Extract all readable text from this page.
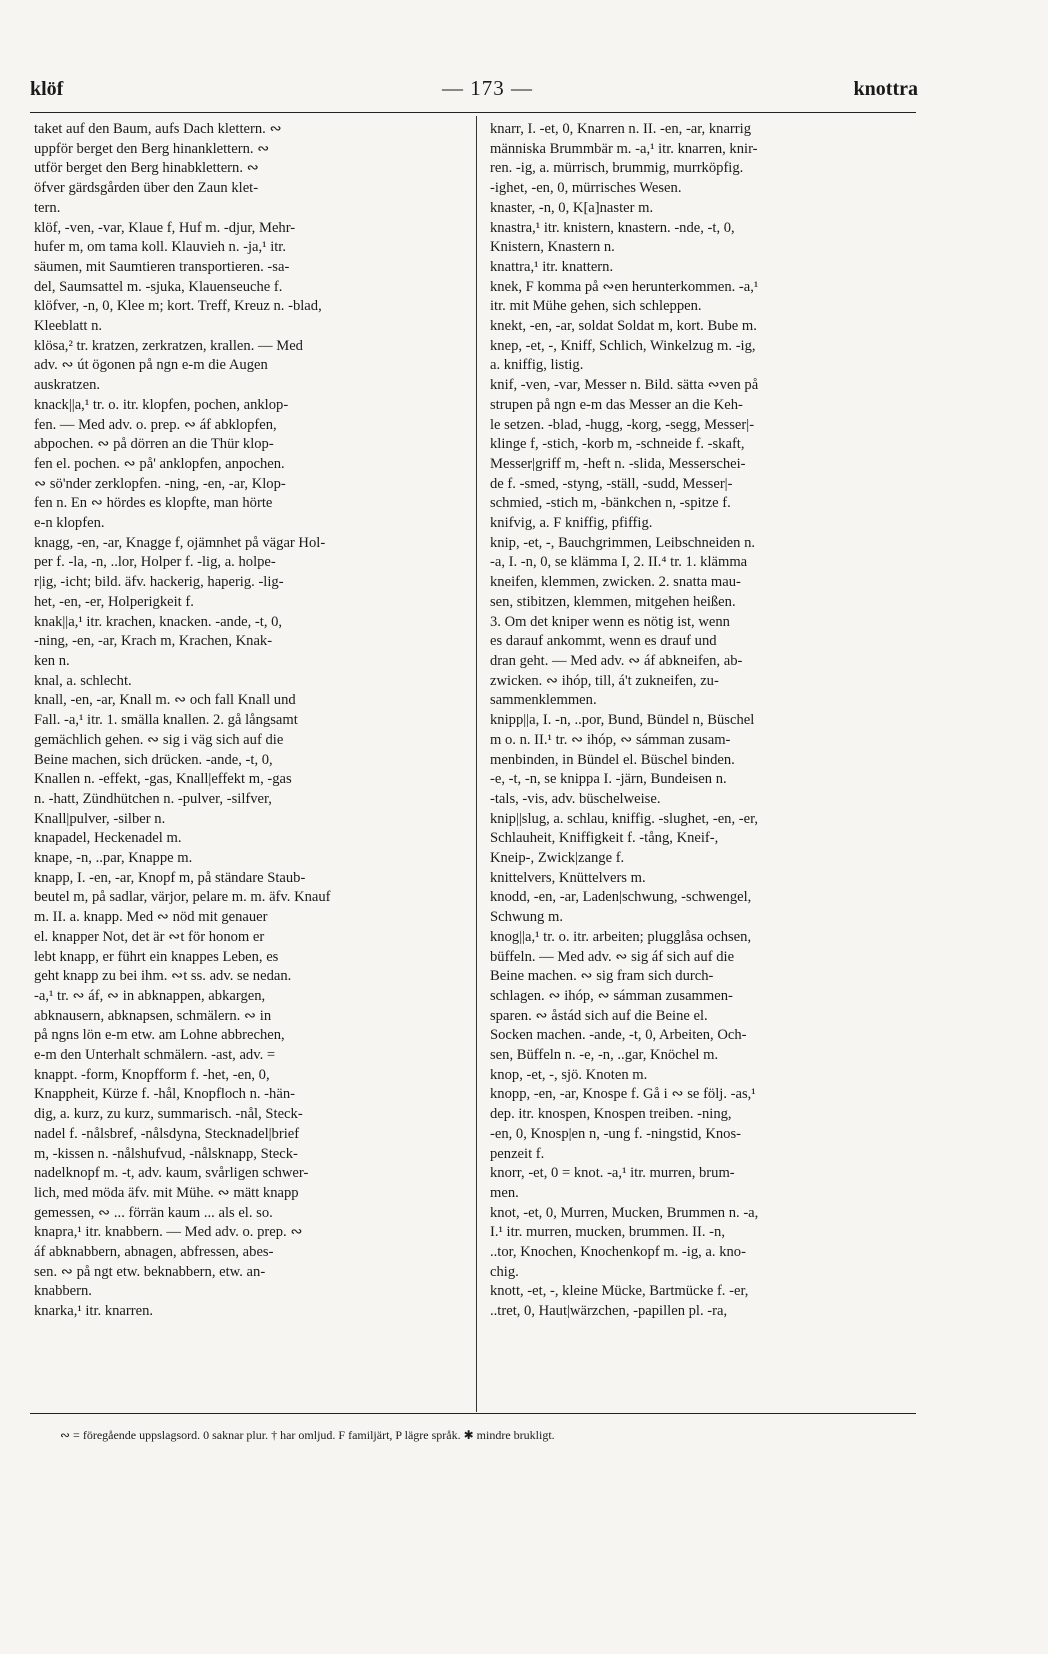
klöf	— 173 —	knottra
taket auf den Baum, aufs Dach klettern. ∾
uppför berget den Berg hinanklettern. ∾
utför berget den Berg hinabklettern. ∾
öfver gärdsgården über den Zaun klet-
tern.
klöf, -ven, -var, Klaue f, Huf m. -djur, Mehr-
hufer m, om tama koll. Klauvieh n. -ja,¹ itr.
säumen, mit Saumtieren transportieren. -sa-
del, Saumsattel m. -sjuka, Klauenseuche f.
klöfver, -n, 0, Klee m; kort. Treff, Kreuz n. -blad,
Kleeblatt n.
klösa,² tr. kratzen, zerkratzen, krallen. — Med
adv. ∾ út ögonen på ngn e-m die Augen
auskratzen.
knack||a,¹ tr. o. itr. klopfen, pochen, anklop-
fen. — Med adv. o. prep. ∾ áf abklopfen,
abpochen. ∾ på dörren an die Thür klop-
fen el. pochen. ∾ på' anklopfen, anpochen.
∾ sö'nder zerklopfen. -ning, -en, -ar, Klop-
fen n. En ∾ hördes es klopfte, man hörte
e-n klopfen.
knagg, -en, -ar, Knagge f, ojämnhet på vägar Hol-
per f. -la, -n, ..lor, Holper f. -lig, a. holpe-
r|ig, -icht; bild. äfv. hackerig, haperig. -lig-
het, -en, -er, Holperigkeit f.
knak||a,¹ itr. krachen, knacken. -ande, -t, 0,
-ning, -en, -ar, Krach m, Krachen, Knak-
ken n.
knal, a. schlecht.
knall, -en, -ar, Knall m. ∾ och fall Knall und
Fall. -a,¹ itr. 1. smälla knallen. 2. gå långsamt
gemächlich gehen. ∾ sig i väg sich auf die
Beine machen, sich drücken. -ande, -t, 0,
Knallen n. -effekt, -gas, Knall|effekt m, -gas
n. -hatt, Zündhütchen n. -pulver, -silfver,
Knall|pulver, -silber n.
knapadel, Heckenadel m.
knape, -n, ..par, Knappe m.
knapp, I. -en, -ar, Knopf m, på ständare Staub-
beutel m, på sadlar, värjor, pelare m. m. äfv. Knauf
m. II. a. knapp. Med ∾ nöd mit genauer
el. knapper Not, det är ∾t för honom er
lebt knapp, er führt ein knappes Leben, es
geht knapp zu bei ihm. ∾t ss. adv. se nedan.
-a,¹ tr. ∾ áf, ∾ in abknappen, abkargen,
abknausern, abknapsen, schmälern. ∾ in
på ngns lön e-m etw. am Lohne abbrechen,
e-m den Unterhalt schmälern. -ast, adv. =
knappt. -form, Knopfform f. -het, -en, 0,
Knappheit, Kürze f. -hål, Knopfloch n. -hän-
dig, a. kurz, zu kurz, summarisch. -nål, Steck-
nadel f. -nålsbref, -nålsdyna, Stecknadel|brief
m, -kissen n. -nålshufvud, -nålsknapp, Steck-
nadelknopf m. -t, adv. kaum, svårligen schwer-
lich, med möda äfv. mit Mühe. ∾ mätt knapp
gemessen, ∾ ... förrän kaum ... als el. so.
knapra,¹ itr. knabbern. — Med adv. o. prep. ∾
áf abknabbern, abnagen, abfressen, abes-
sen. ∾ på ngt etw. beknabbern, etw. an-
knabbern.
knarka,¹ itr. knarren.
knarr, I. -et, 0, Knarren n. II. -en, -ar, knarrig
människa Brummbär m. -a,¹ itr. knarren, knir-
ren. -ig, a. mürrisch, brummig, murrköpfig.
-ighet, -en, 0, mürrisches Wesen.
knaster, -n, 0, K[a]naster m.
knastra,¹ itr. knistern, knastern. -nde, -t, 0,
Knistern, Knastern n.
knattra,¹ itr. knattern.
knek, F komma på ∾en herunterkommen. -a,¹
itr. mit Mühe gehen, sich schleppen.
knekt, -en, -ar, soldat Soldat m, kort. Bube m.
knep, -et, -, Kniff, Schlich, Winkelzug m. -ig,
a. kniffig, listig.
knif, -ven, -var, Messer n. Bild. sätta ∾ven på
strupen på ngn e-m das Messer an die Keh-
le setzen. -blad, -hugg, -korg, -segg, Messer|-
klinge f, -stich, -korb m, -schneide f. -skaft,
Messer|griff m, -heft n. -slida, Messerschei-
de f. -smed, -styng, -ställ, -sudd, Messer|-
schmied, -stich m, -bänkchen n, -spitze f.
knifvig, a. F kniffig, pfiffig.
knip, -et, -, Bauchgrimmen, Leibschneiden n.
-a, I. -n, 0, se klämma I, 2. II.⁴ tr. 1. klämma
kneifen, klemmen, zwicken. 2. snatta mau-
sen, stibitzen, klemmen, mitgehen heißen.
3. Om det kniper wenn es nötig ist, wenn
es darauf ankommt, wenn es drauf und
dran geht. — Med adv. ∾ áf abkneifen, ab-
zwicken. ∾ ihóp, till, á't zukneifen, zu-
sammenklemmen.
knipp||a, I. -n, ..por, Bund, Bündel n, Büschel
m o. n. II.¹ tr. ∾ ihóp, ∾ sámman zusam-
menbinden, in Bündel el. Büschel binden.
-e, -t, -n, se knippa I. -järn, Bundeisen n.
-tals, -vis, adv. büschelweise.
knip||slug, a. schlau, kniffig. -slughet, -en, -er,
Schlauheit, Kniffigkeit f. -tång, Kneif-,
Kneip-, Zwick|zange f.
knittelvers, Knüttelvers m.
knodd, -en, -ar, Laden|schwung, -schwengel,
Schwung m.
knog||a,¹ tr. o. itr. arbeiten; plugglåsa ochsen,
büffeln. — Med adv. ∾ sig áf sich auf die
Beine machen. ∾ sig fram sich durch-
schlagen. ∾ ihóp, ∾ sámman zusammen-
sparen. ∾ åstád sich auf die Beine el.
Socken machen. -ande, -t, 0, Arbeiten, Och-
sen, Büffeln n. -e, -n, ..gar, Knöchel m.
knop, -et, -, sjö. Knoten m.
knopp, -en, -ar, Knospe f. Gå i ∾ se följ. -as,¹
dep. itr. knospen, Knospen treiben. -ning,
-en, 0, Knosp|en n, -ung f. -ningstid, Knos-
penzeit f.
knorr, -et, 0 = knot. -a,¹ itr. murren, brum-
men.
knot, -et, 0, Murren, Mucken, Brummen n. -a,
I.¹ itr. murren, mucken, brummen. II. -n,
..tor, Knochen, Knochenkopf m. -ig, a. kno-
chig.
knott, -et, -, kleine Mücke, Bartmücke f. -er,
..tret, 0, Haut|wärzchen, -papillen pl. -ra,
∾ = föregående uppslagsord. 0 saknar plur. † har omljud. F familjärt, P lägre språk. ✱ mindre brukligt.
